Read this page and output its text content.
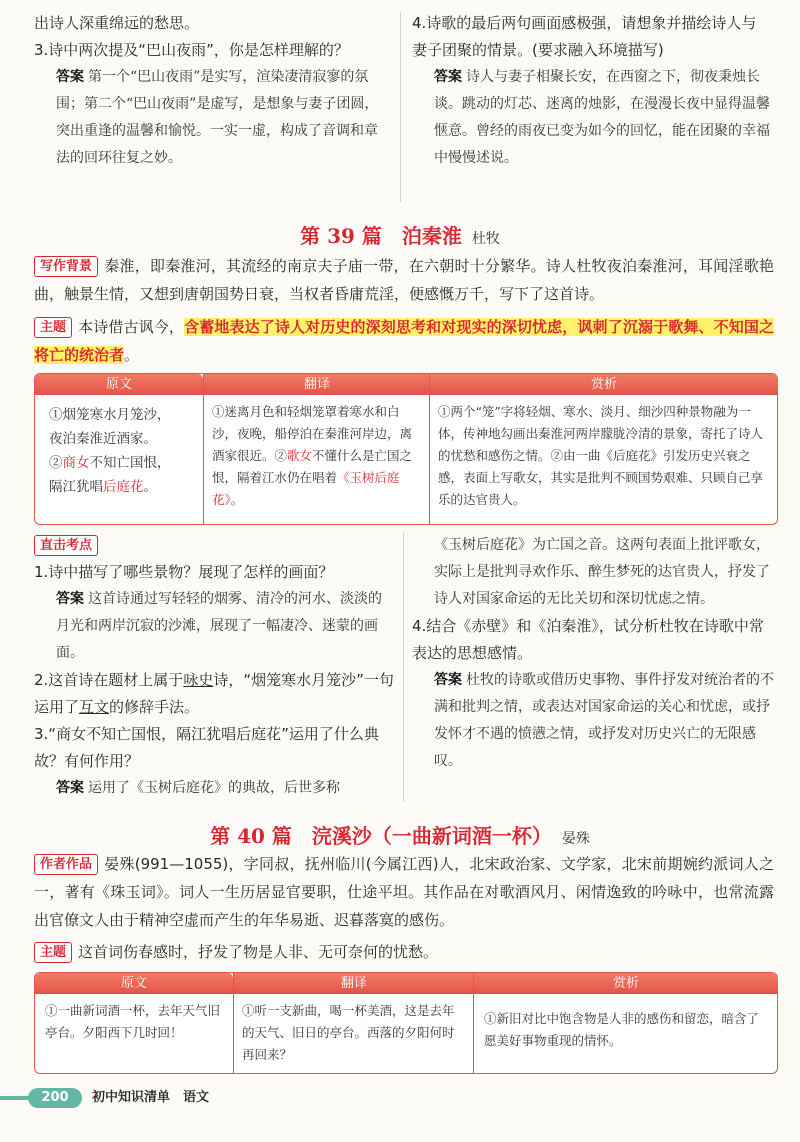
出诗人深重绵远的愁思。
3.诗中两次提及“巴山夜雨”，你是怎样理解的？
答案 第一个“巴山夜雨”是实写，渲染凄清寂寥的氛围；第二个“巴山夜雨”是虚写，是想象与妻子团圆，突出重逢的温馨和愉悦。一实一虚，构成了音调和章法的回环往复之妙。
4.诗歌的最后两句画面感极强，请想象并描绘诗人与妻子团聚的情景。(要求融入环境描写)
答案 诗人与妻子相聚长安，在西窗之下，彻夜秉烛长谈。跳动的灯芯、迷离的烛影，在漫漫长夜中显得温馨惬意。曾经的雨夜已变为如今的回忆，能在团聚的幸福中慢慢述说。
第 39 篇　泊秦淮 杜牧
写作背景 秦淮，即秦淮河，其流经的南京夫子庙一带，在六朝时十分繁华。诗人杜牧夜泊秦淮河，耳闻淫歌艳曲，触景生情，又想到唐朝国势日衰，当权者昏庸荒淫，便感慨万千，写下了这首诗。
主题 本诗借古讽今，含蓄地表达了诗人对历史的深刻思考和对现实的深切忧虑，讽刺了沉溺于歌舞、不知国之将亡的统治者。
原文
①烟笼寒水月笼沙，
夜泊秦淮近酒家。
②商女不知亡国恨，
隔江犹唱后庭花。
翻译
①迷离月色和轻烟笼罩着寒水和白沙，夜晚，船停泊在秦淮河岸边，离酒家很近。②歌女不懂什么是亡国之恨，隔着江水仍在唱着《玉树后庭花》。
赏析
①两个“笼”字将轻烟、寒水、淡月、细沙四种景物融为一体，传神地勾画出秦淮河两岸朦胧冷清的景象，寄托了诗人的忧愁和感伤之情。②由一曲《后庭花》引发历史兴衰之感，表面上写歌女，其实是批判不顾国势艰难、只顾自己享乐的达官贵人。
直击考点
1.诗中描写了哪些景物？展现了怎样的画面？
答案 这首诗通过写轻轻的烟雾、清冷的河水、淡淡的月光和两岸沉寂的沙滩，展现了一幅凄冷、迷蒙的画面。
2.这首诗在题材上属于咏史诗，“烟笼寒水月笼沙”一句运用了互文的修辞手法。
3.“商女不知亡国恨，隔江犹唱后庭花”运用了什么典故？有何作用？
答案 运用了《玉树后庭花》的典故，后世多称
《玉树后庭花》为亡国之音。这两句表面上批评歌女，实际上是批判寻欢作乐、醉生梦死的达官贵人，抒发了诗人对国家命运的无比关切和深切忧虑之情。
4.结合《赤壁》和《泊秦淮》，试分析杜牧在诗歌中常表达的思想感情。
答案 杜牧的诗歌或借历史事物、事件抒发对统治者的不满和批判之情，或表达对国家命运的关心和忧虑，或抒发怀才不遇的愤懑之情，或抒发对历史兴亡的无限感叹。
第 40 篇　浣溪沙（一曲新词酒一杯） 晏殊
作者作品 晏殊(991—1055)，字同叔，抚州临川(今属江西)人，北宋政治家、文学家，北宋前期婉约派词人之一，著有《珠玉词》。词人一生历居显官要职，仕途平坦。其作品在对歌酒风月、闲情逸致的吟咏中，也常流露出官僚文人由于精神空虚而产生的年华易逝、迟暮落寞的感伤。
主题 这首词伤春感时，抒发了物是人非、无可奈何的忧愁。
原文
①一曲新词酒一杯，去年天气旧亭台。夕阳西下几时回！
翻译
①听一支新曲，喝一杯美酒，这是去年的天气、旧日的亭台。西落的夕阳何时再回来？
赏析
①新旧对比中饱含物是人非的感伤和留恋，暗含了愿美好事物重现的情怀。
200	初中知识清单　语文
